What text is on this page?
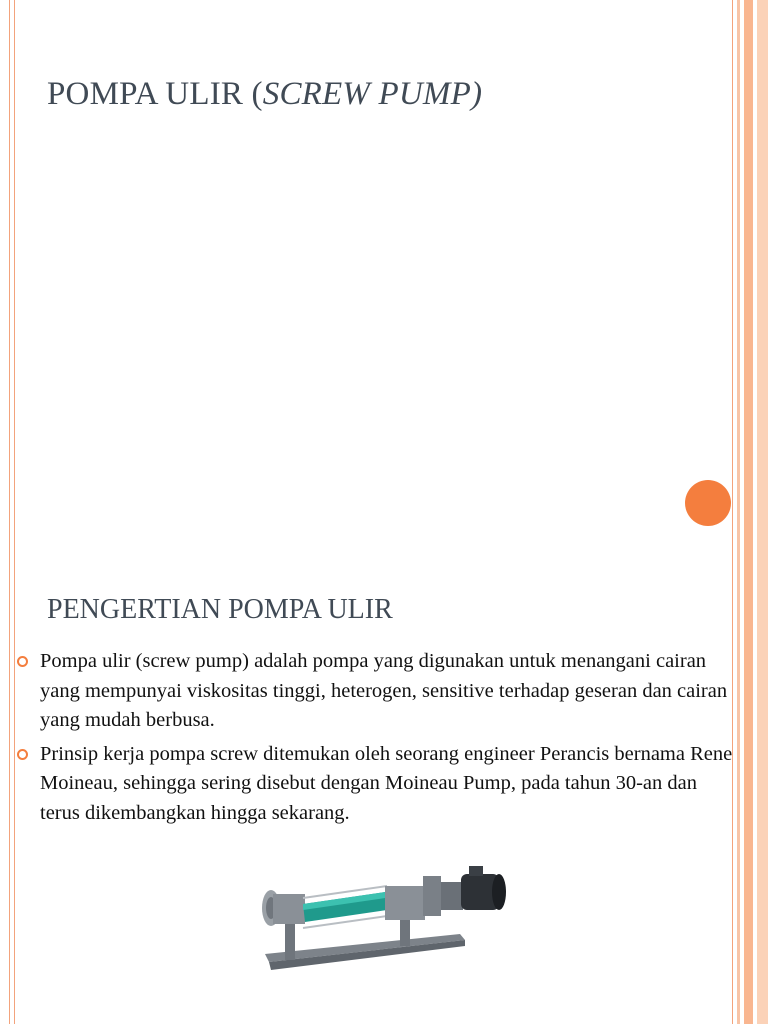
POMPA ULIR (SCREW PUMP)
PENGERTIAN POMPA ULIR
Pompa ulir (screw pump) adalah pompa yang digunakan untuk menangani cairan yang mempunyai viskositas tinggi, heterogen, sensitive terhadap geseran dan cairan yang mudah berbusa.
Prinsip kerja pompa screw ditemukan oleh seorang engineer Perancis bernama Rene Moineau, sehingga sering disebut dengan Moineau Pump, pada tahun 30-an dan terus dikembangkan hingga sekarang.
